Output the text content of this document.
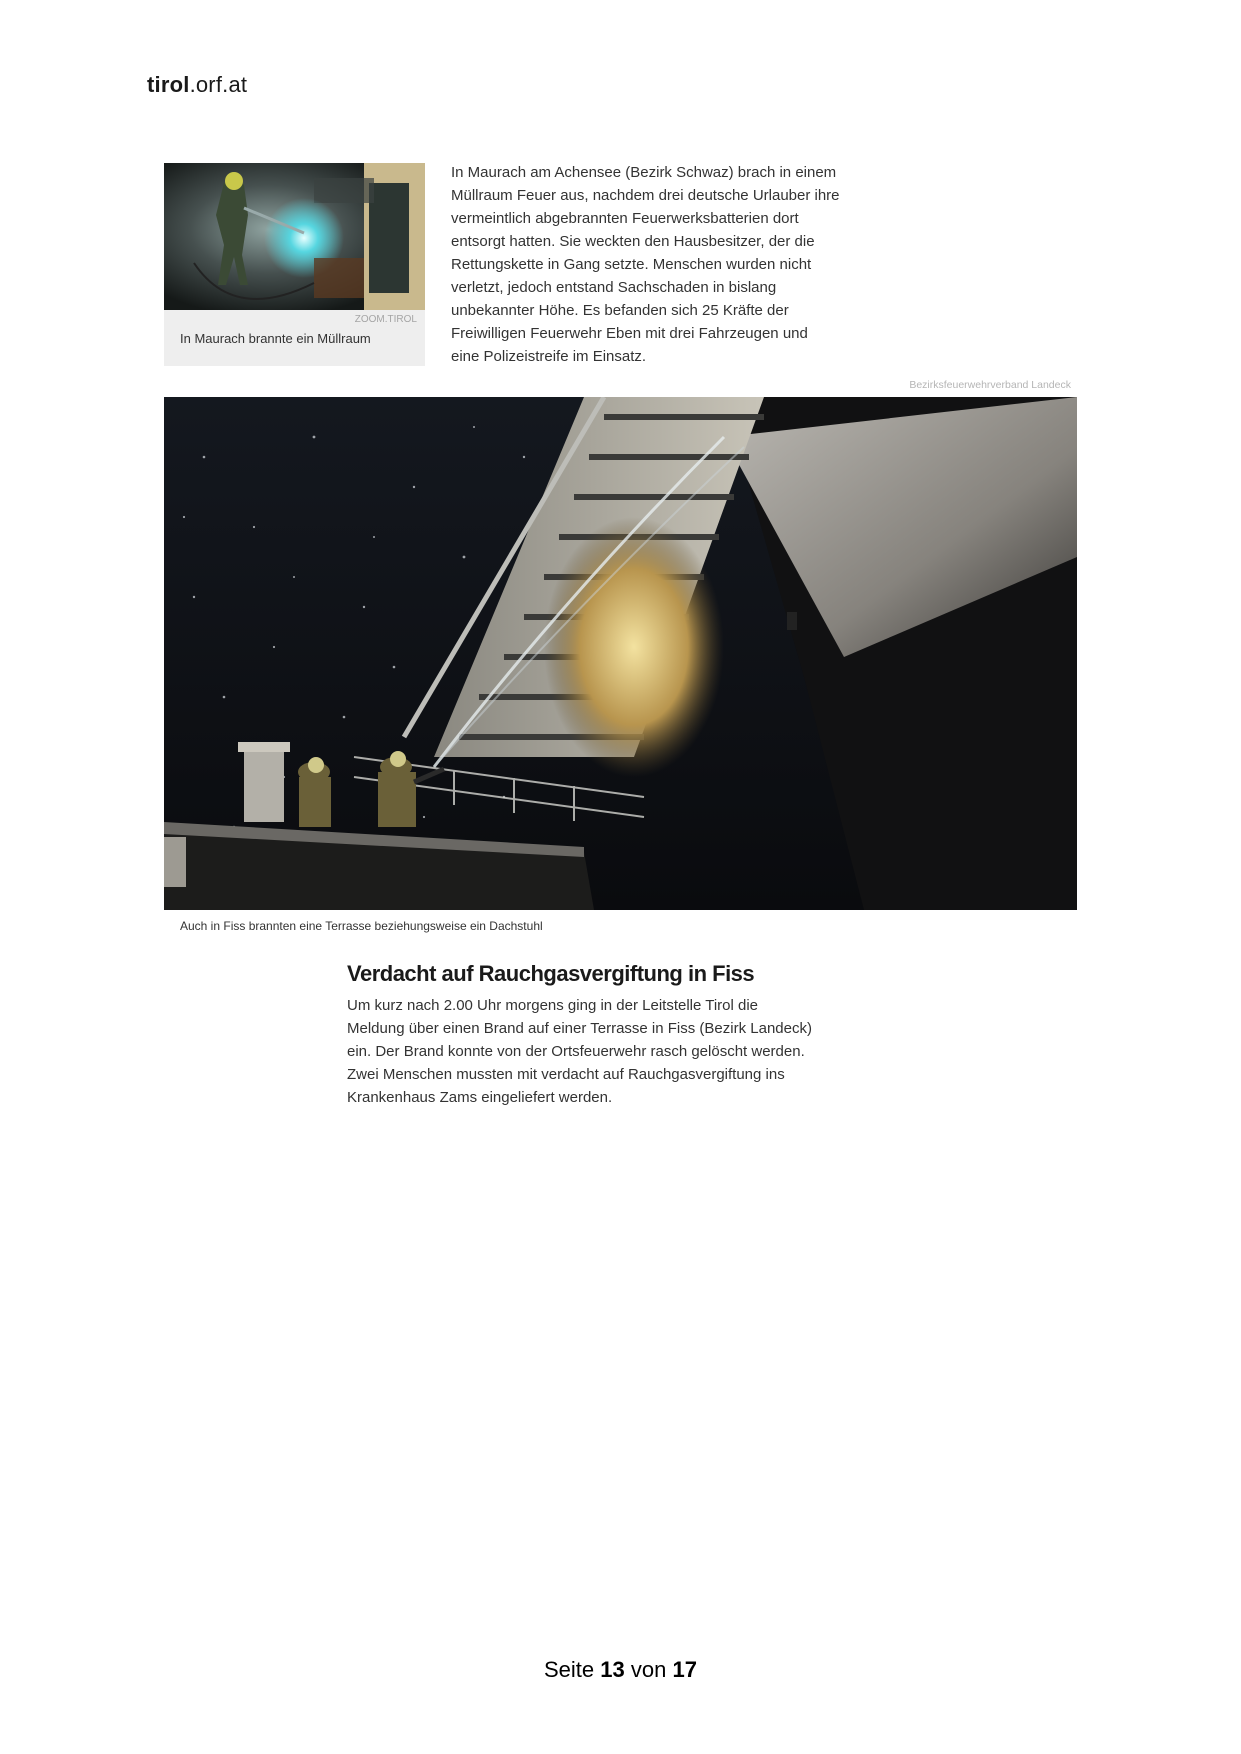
tirol.orf.at
ZOOM.TIROL
In Maurach brannte ein Müllraum
In Maurach am Achensee (Bezirk Schwaz) brach in einem
Müllraum Feuer aus, nachdem drei deutsche Urlauber ihre
vermeintlich abgebrannten Feuerwerksbatterien dort
entsorgt hatten. Sie weckten den Hausbesitzer, der die
Rettungskette in Gang setzte. Menschen wurden nicht
verletzt, jedoch entstand Sachschaden in bislang
unbekannter Höhe. Es befanden sich 25 Kräfte der
Freiwilligen Feuerwehr Eben mit drei Fahrzeugen und
eine Polizeistreife im Einsatz.
Bezirksfeuerwehrverband Landeck
Auch in Fiss brannten eine Terrasse beziehungsweise ein Dachstuhl
Verdacht auf Rauchgasvergiftung in Fiss
Um kurz nach 2.00 Uhr morgens ging in der Leitstelle Tirol die
Meldung über einen Brand auf einer Terrasse in Fiss (Bezirk Landeck)
ein. Der Brand konnte von der Ortsfeuerwehr rasch gelöscht werden.
Zwei Menschen mussten mit verdacht auf Rauchgasvergiftung ins
Krankenhaus Zams eingeliefert werden.
Seite 13 von 17
